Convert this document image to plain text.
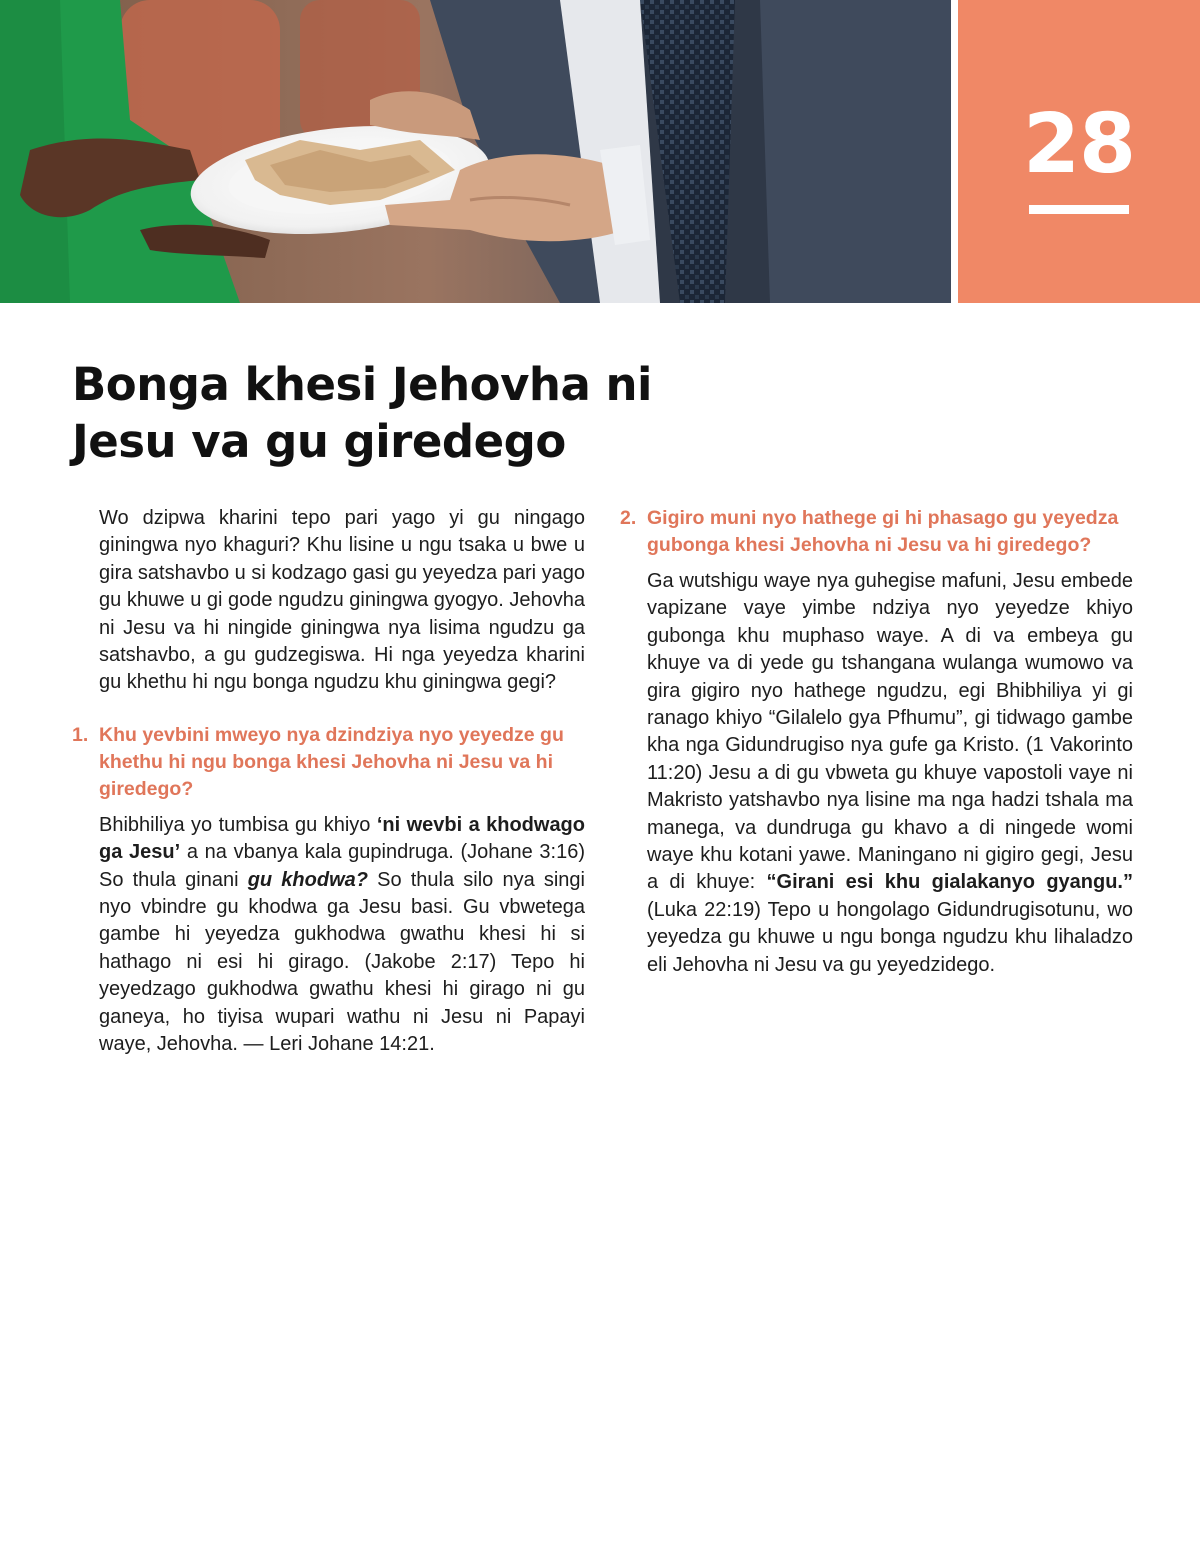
28
Bonga khesi Jehovha ni
Jesu va gu giredego

Wo dzipwa kharini tepo pari yago yi gu ningago giningwa nyo khaguri? Khu lisine u ngu tsaka u bwe u gira satshavbo u si kodzago gasi gu yeyedza pari yago gu khuwe u gi gode ngudzu giningwa gyogyo. Jehovha ni Jesu va hi ningide giningwa nya lisima ngudzu ga satshavbo, a gu gudzegiswa. Hi nga yeyedza kharini gu khethu hi ngu bonga ngudzu khu giningwa gegi?

1. Khu yevbini mweyo nya dzindziya nyo yeyedze gu khethu hi ngu bonga khesi Jehovha ni Jesu va hi giredego?

Bhibhiliya yo tumbisa gu khiyo ‘ni wevbi a khodwago ga Jesu’ a na vbanya kala gupindruga. (Johane 3:16) So thula ginani gu khodwa? So thula silo nya singi nyo vbindre gu khodwa ga Jesu basi. Gu vbwetega gambe hi yeyedza gukhodwa gwathu khesi hi si hathago ni esi hi girago. (Jakobe 2:17) Tepo hi yeyedzago gukhodwa gwathu khesi hi girago ni gu ganeya, ho tiyisa wupari wathu ni Jesu ni Papayi waye, Jehovha. — Leri Johane 14:21.

2. Gigiro muni nyo hathege gi hi phasago gu yeyedza gubonga khesi Jehovha ni Jesu va hi giredego?

Ga wutshigu waye nya guhegise mafuni, Jesu embede vapizane vaye yimbe ndziya nyo yeyedze khiyo gubonga khu muphaso waye. A di va embeya gu khuye va di yede gu tshangana wulanga wumowo va gira gigiro nyo hathege ngudzu, egi Bhibhiliya yi gi ranago khiyo “Gilalelo gya Pfhumu”, gi tidwago gambe kha nga Gidundrugiso nya gufe ga Kristo. (1 Vakorinto 11:20) Jesu a di gu vbweta gu khuye vapostoli vaye ni Makristo yatshavbo nya lisine ma nga hadzi tshala ma manega, va dundruga gu khavo a di ningede womi waye khu kotani yawe. Maningano ni gigiro gegi, Jesu a di khuye: “Girani esi khu gialakanyo gyangu.” (Luka 22:19) Tepo u hongolago Gidundrugisotunu, wo yeyedza gu khuwe u ngu bonga ngudzu khu lihaladzo eli Jehovha ni Jesu va gu yeyedzidego.
